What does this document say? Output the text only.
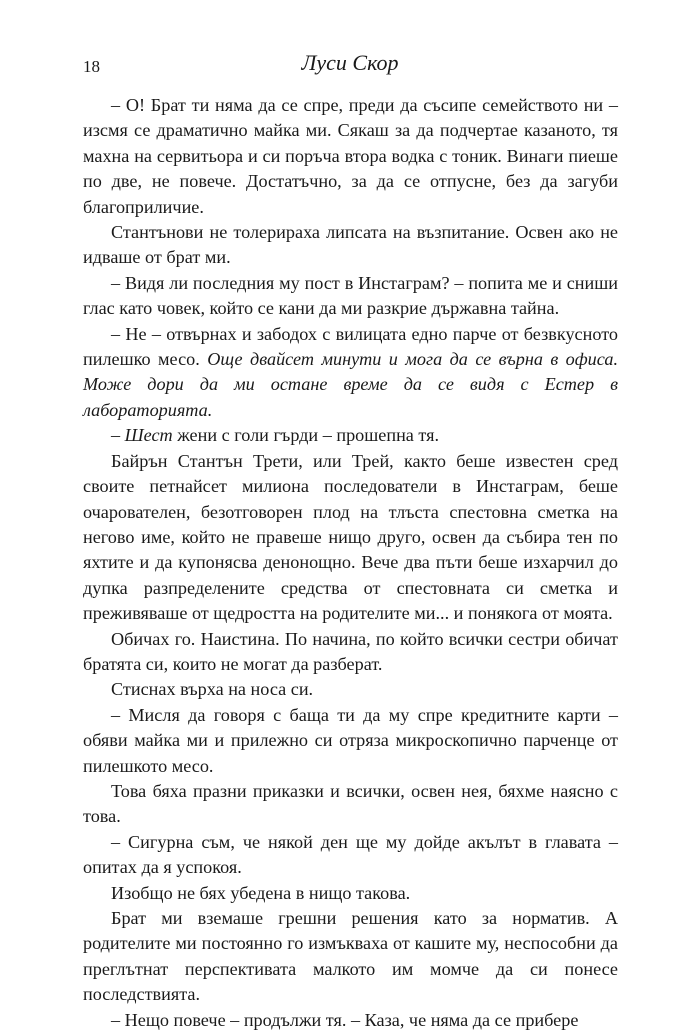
18	Луси Скор

– О! Брат ти няма да се спре, преди да съсипе семейството ни – изсмя се драматично майка ми. Сякаш за да подчертае казаното, тя махна на сервитьора и си поръча втора водка с тоник. Винаги пиеше по две, не повече. Достатъчно, за да се отпусне, без да загуби благоприличие.

Стантънови не толерираха липсата на възпитание. Освен ако не идваше от брат ми.

– Видя ли последния му пост в Инстаграм? – попита ме и сниши глас като човек, който се кани да ми разкрие държавна тайна.

– Не – отвърнах и забодох с вилицата едно парче от безвкусното пилешко месо. Още двайсет минути и мога да се върна в офиса. Може дори да ми остане време да се видя с Естер в лабораторията.

– Шест жени с голи гърди – прошепна тя.

Байрън Стантън Трети, или Трей, както беше известен сред своите петнайсет милиона последователи в Инстаграм, беше очарователен, безотговорен плод на тлъста спестовна сметка на негово име, който не правеше нищо друго, освен да събира тен по яхтите и да купонясва денонощно. Вече два пъти беше изхарчил до дупка разпределените средства от спестовната си сметка и преживяваше от щедростта на родителите ми... и понякога от моята.

Обичах го. Наистина. По начина, по който всички сестри обичат братята си, които не могат да разберат.

Стиснах върха на носа си.

– Мисля да говоря с баща ти да му спре кредитните карти – обяви майка ми и прилежно си отряза микроскопично парченце от пилешкото месо.

Това бяха празни приказки и всички, освен нея, бяхме наясно с това.

– Сигурна съм, че някой ден ще му дойде акълът в главата – опитах да я успокоя.

Изобщо не бях убедена в нищо такова.

Брат ми вземаше грешни решения като за норматив. А родителите ми постоянно го измъкваха от кашите му, неспособни да преглътнат перспективата малкото им момче да си понесе последствията.

– Нещо повече – продължи тя. – Каза, че няма да се прибере
